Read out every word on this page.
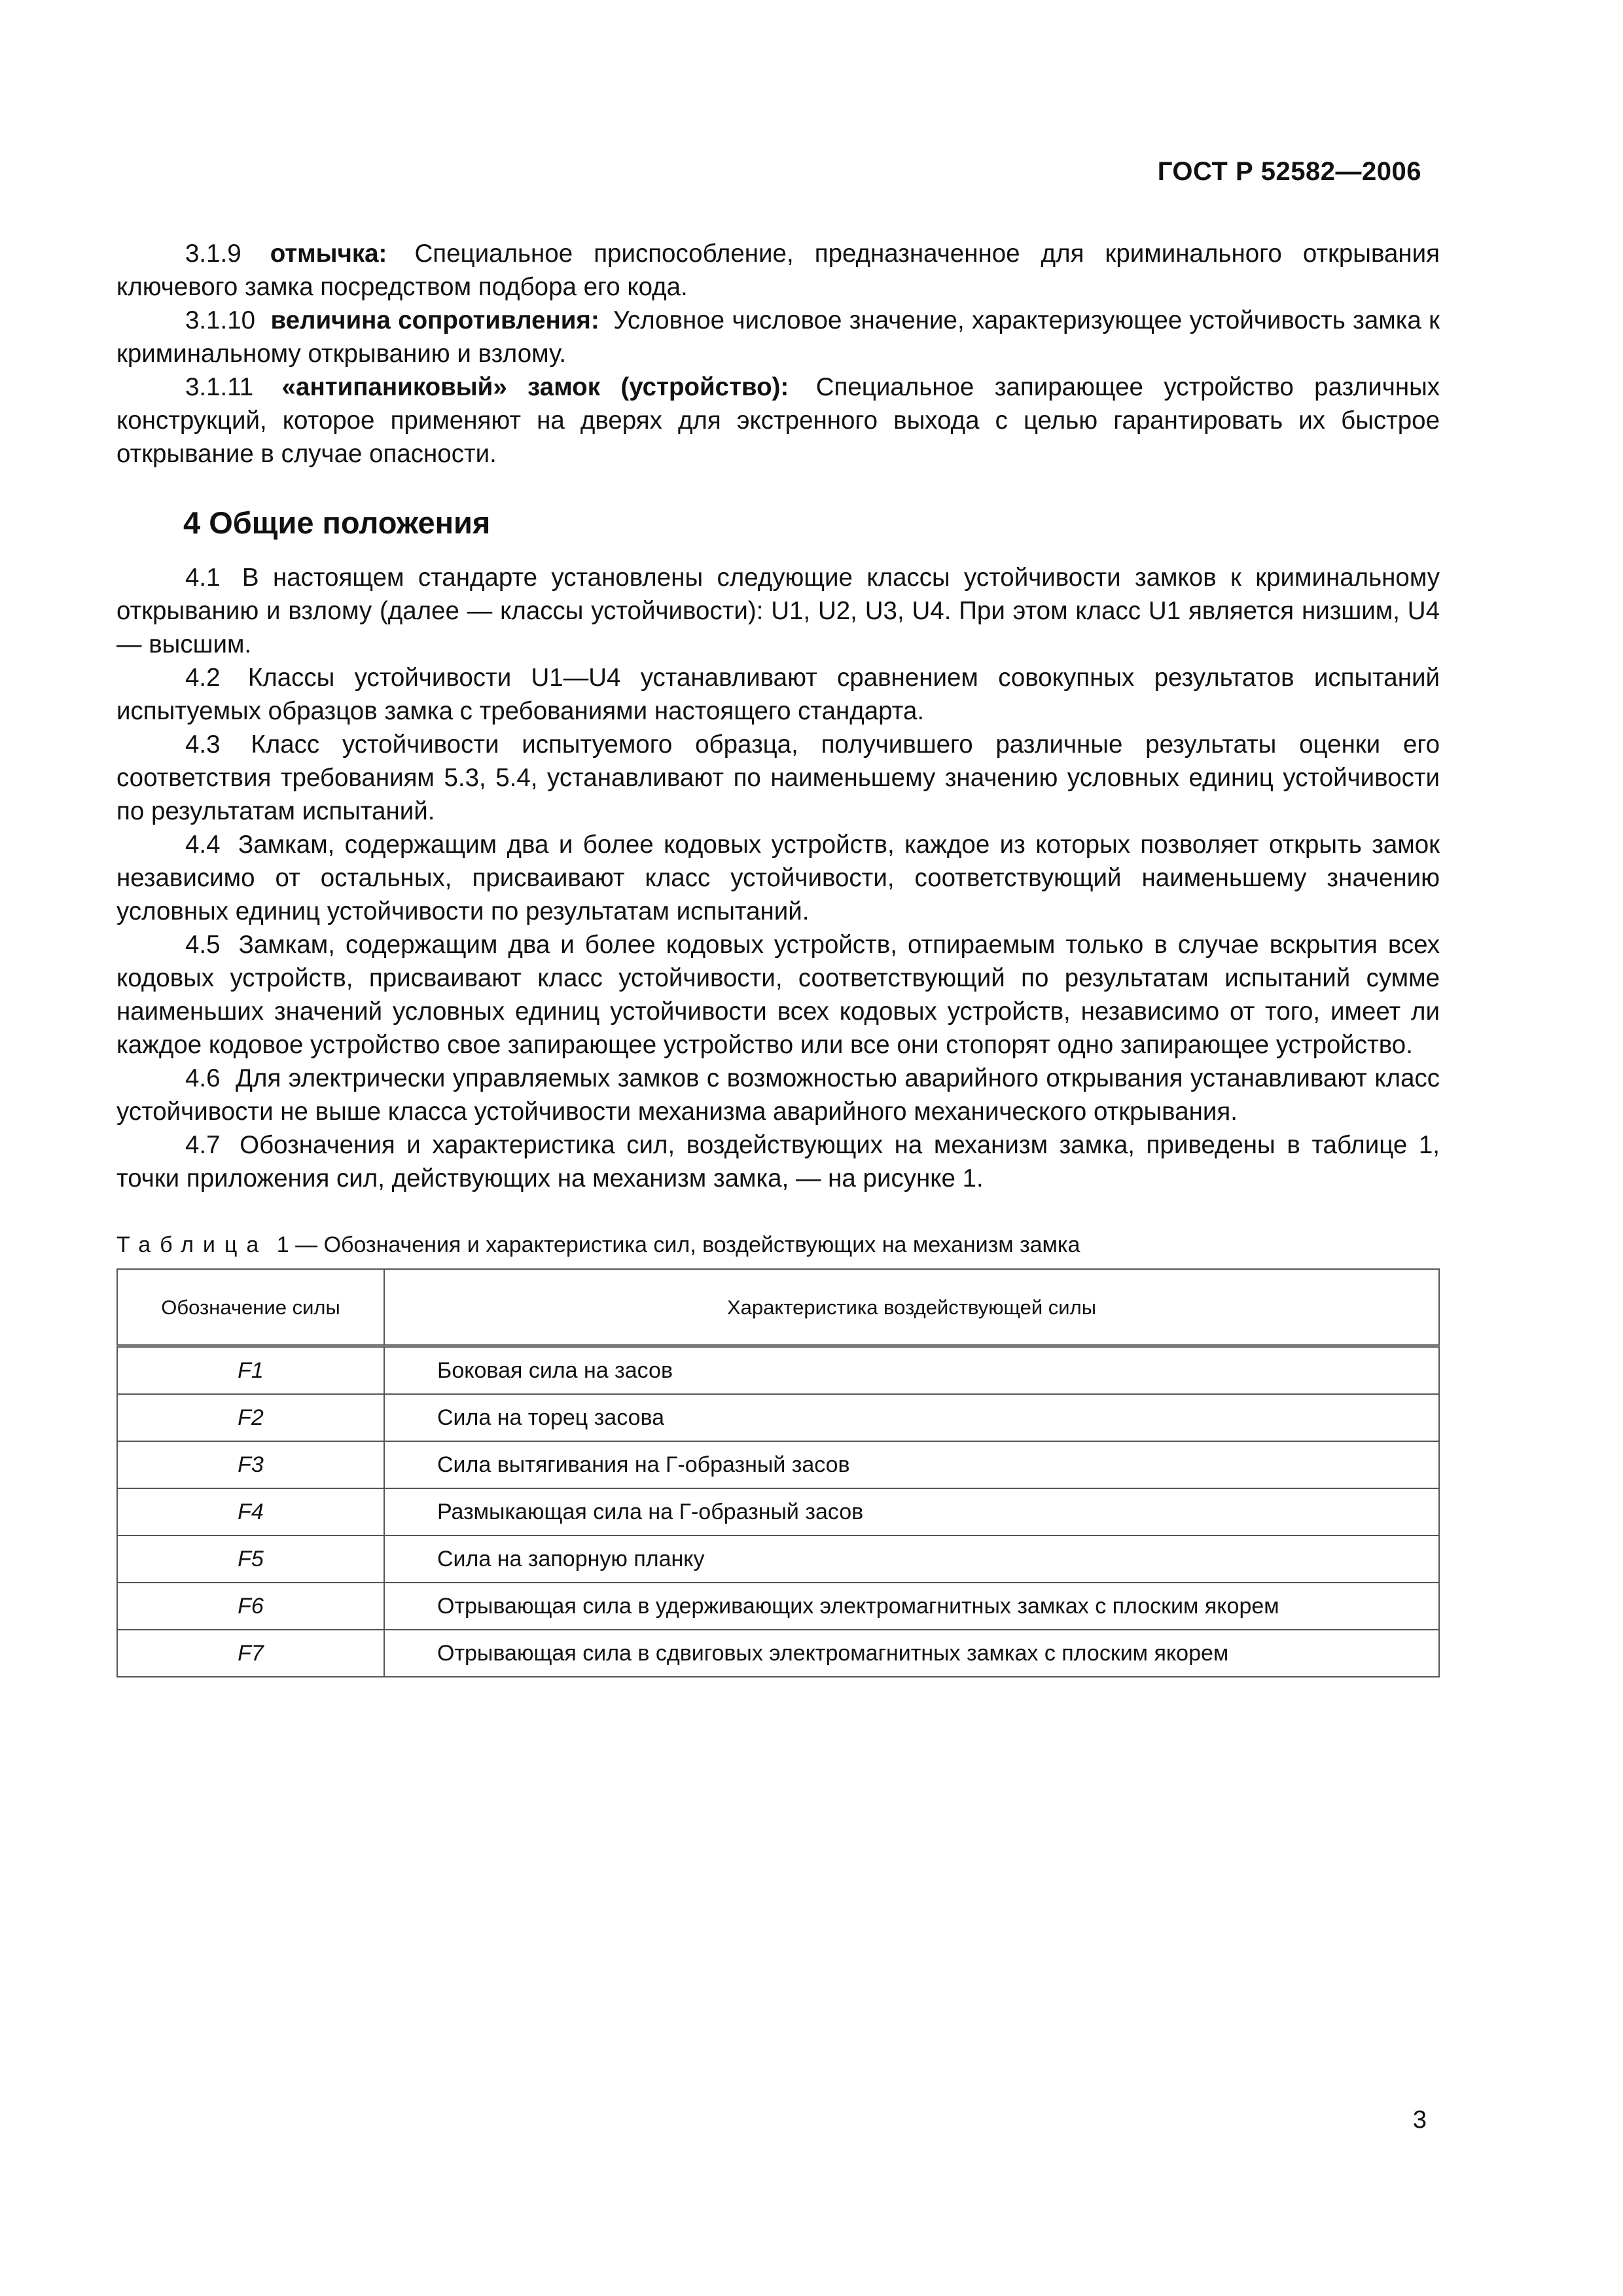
ГОСТ Р 52582—2006

3.1.9 отмычка: Специальное приспособление, предназначенное для криминального открывания ключевого замка посредством подбора его кода.

3.1.10 величина сопротивления: Условное числовое значение, характеризующее устойчивость замка к криминальному открыванию и взлому.

3.1.11 «антипаниковый» замок (устройство): Специальное запирающее устройство различных конструкций, которое применяют на дверях для экстренного выхода с целью гарантировать их быстрое открывание в случае опасности.

4 Общие положения

4.1 В настоящем стандарте установлены следующие классы устойчивости замков к криминальному открыванию и взлому (далее — классы устойчивости): U1, U2, U3, U4. При этом класс U1 является низшим, U4 — высшим.

4.2 Классы устойчивости U1—U4 устанавливают сравнением совокупных результатов испытаний испытуемых образцов замка с требованиями настоящего стандарта.

4.3 Класс устойчивости испытуемого образца, получившего различные результаты оценки его соответствия требованиям 5.3, 5.4, устанавливают по наименьшему значению условных единиц устойчивости по результатам испытаний.

4.4 Замкам, содержащим два и более кодовых устройств, каждое из которых позволяет открыть замок независимо от остальных, присваивают класс устойчивости, соответствующий наименьшему значению условных единиц устойчивости по результатам испытаний.

4.5 Замкам, содержащим два и более кодовых устройств, отпираемым только в случае вскрытия всех кодовых устройств, присваивают класс устойчивости, соответствующий по результатам испытаний сумме наименьших значений условных единиц устойчивости всех кодовых устройств, независимо от того, имеет ли каждое кодовое устройство свое запирающее устройство или все они стопорят одно запирающее устройство.

4.6 Для электрически управляемых замков с возможностью аварийного открывания устанавливают класс устойчивости не выше класса устойчивости механизма аварийного механического открывания.

4.7 Обозначения и характеристика сил, воздействующих на механизм замка, приведены в таблице 1, точки приложения сил, действующих на механизм замка, — на рисунке 1.

Таблица 1 — Обозначения и характеристика сил, воздействующих на механизм замка
Обозначение силы	Характеристика воздействующей силы
F1	Боковая сила на засов
F2	Сила на торец засова
F3	Сила вытягивания на Г-образный засов
F4	Размыкающая сила на Г-образный засов
F5	Сила на запорную планку
F6	Отрывающая сила в удерживающих электромагнитных замках с плоским якорем
F7	Отрывающая сила в сдвиговых электромагнитных замках с плоским якорем
3
